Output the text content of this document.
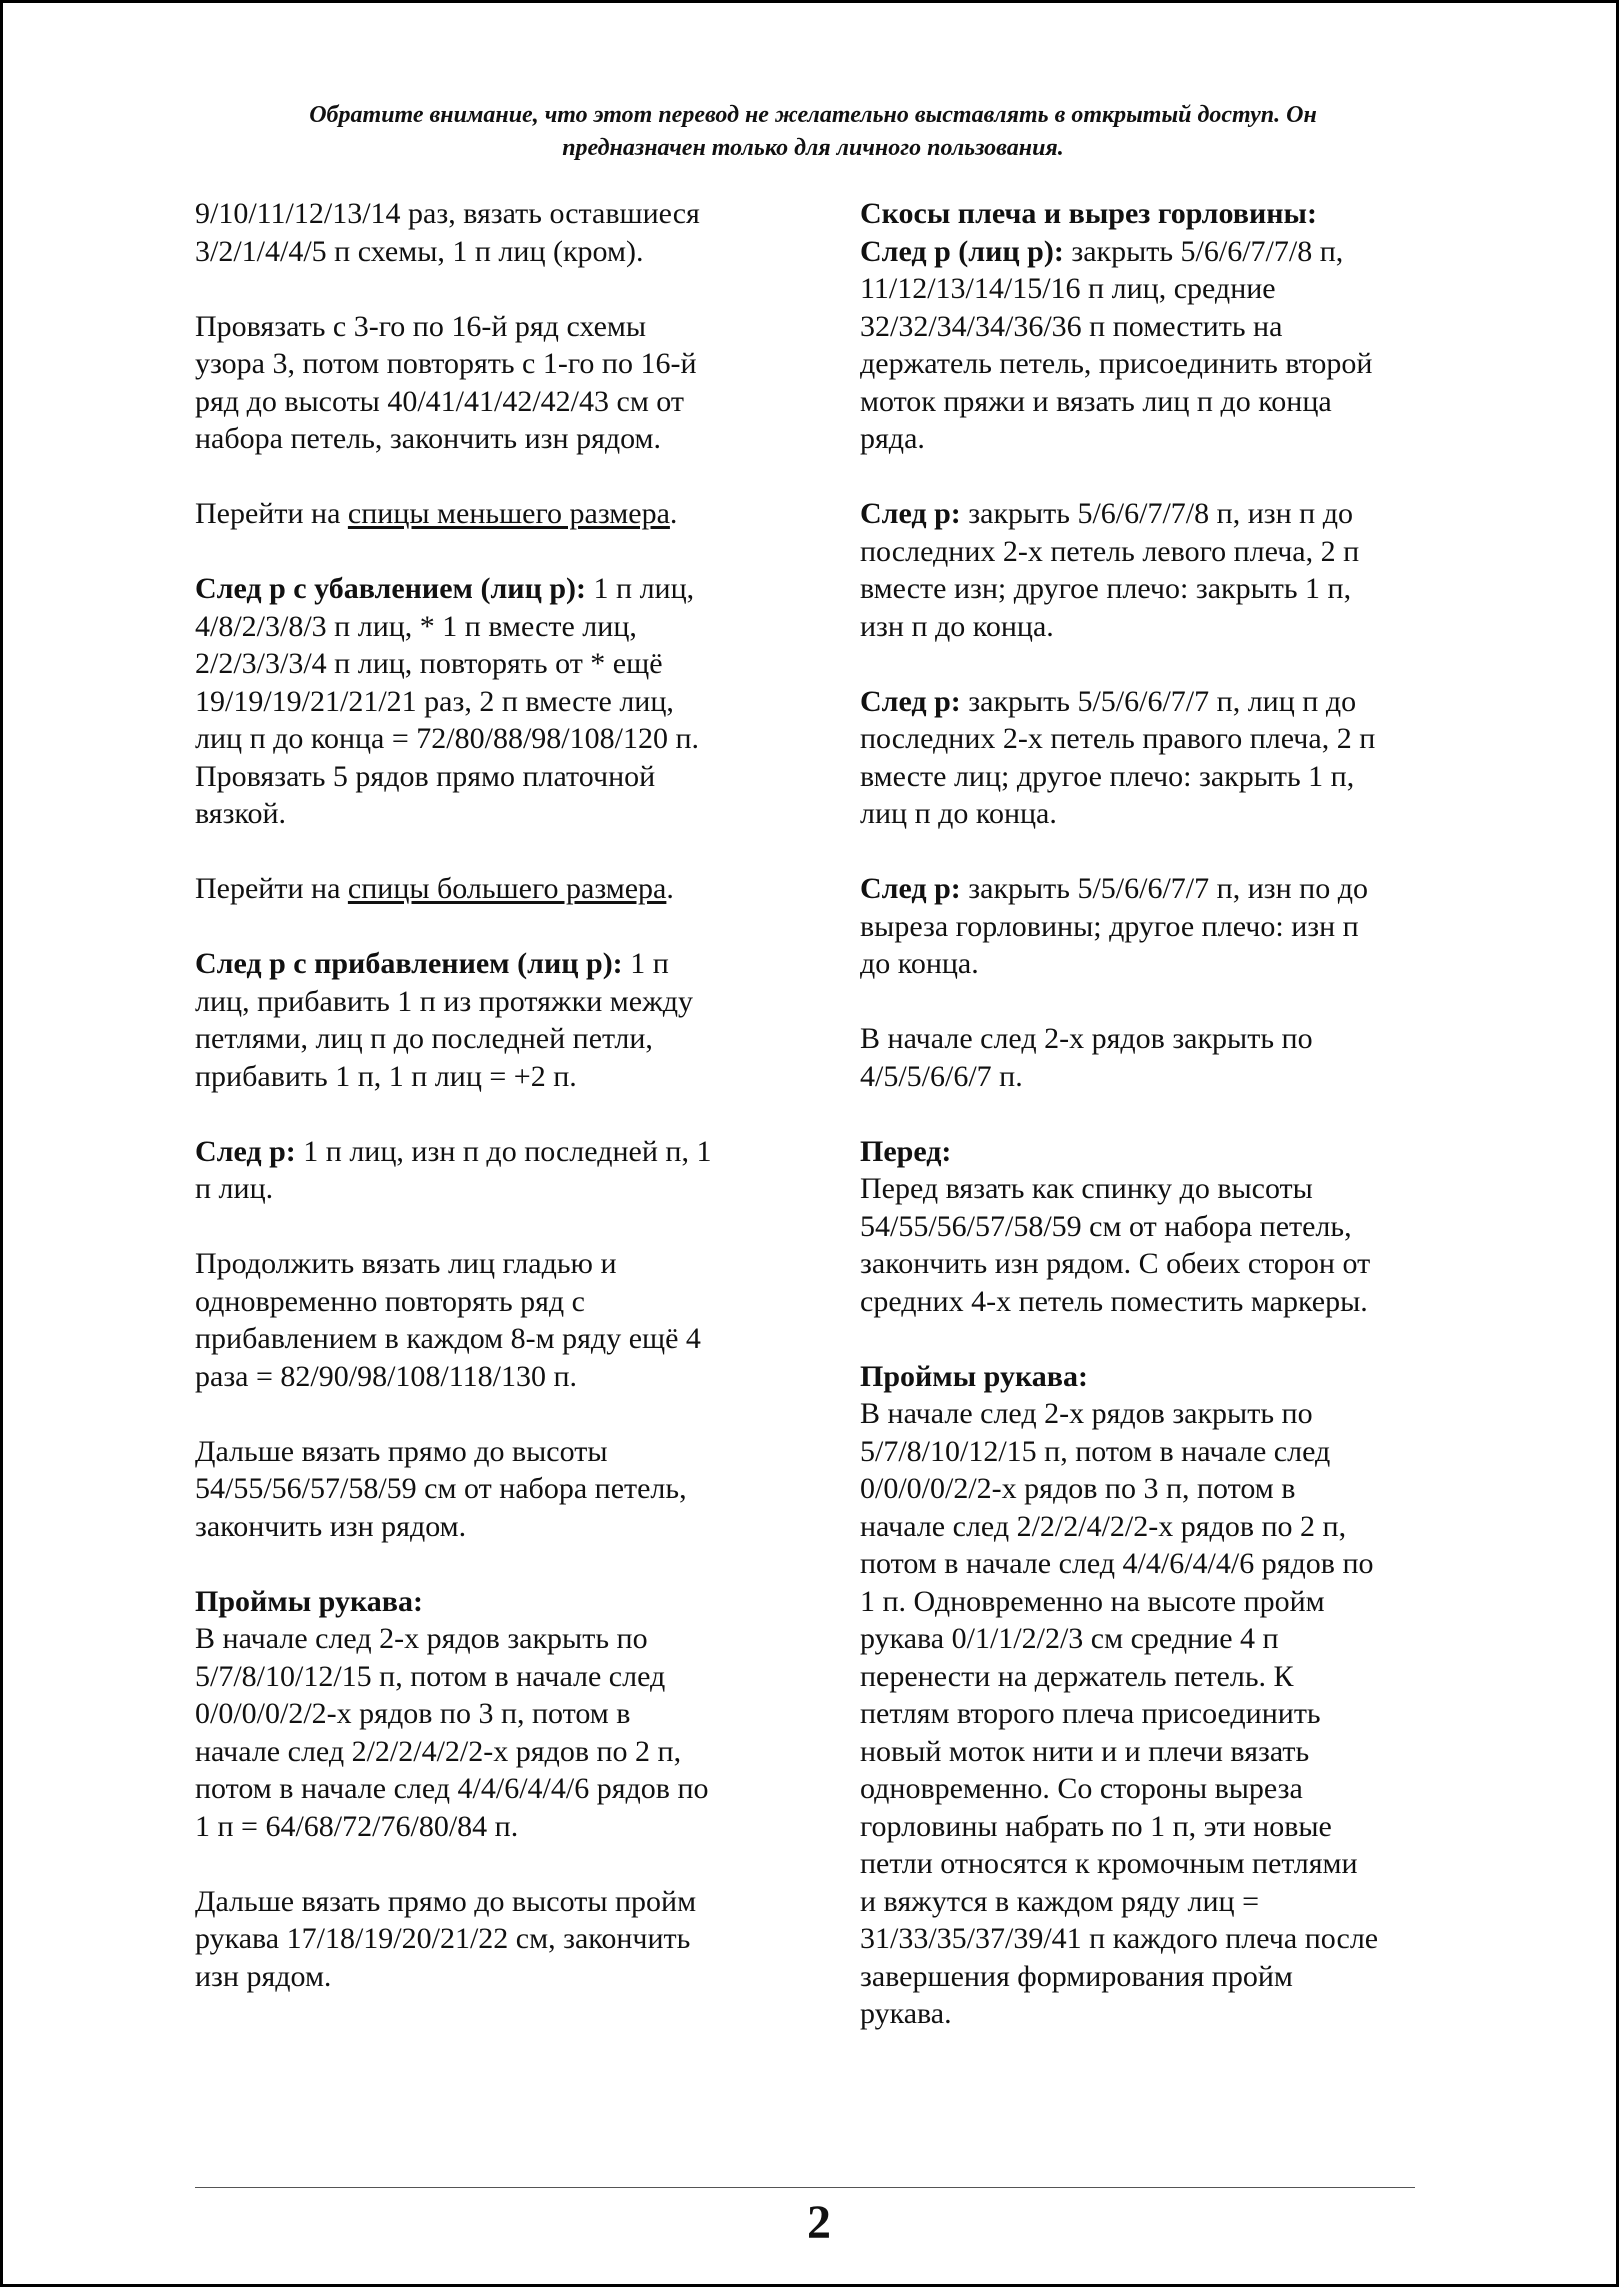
Обратите внимание, что этот перевод не желательно выставлять в открытый доступ. Он
предназначен только для личного пользования.

9/10/11/12/13/14 раз, вязать оставшиеся
3/2/1/4/4/5 п схемы, 1 п лиц (кром).

Провязать с 3-го по 16-й ряд схемы
узора 3, потом повторять с 1-го по 16-й
ряд до высоты 40/41/41/42/42/43 см от
набора петель, закончить изн рядом.

Перейти на спицы меньшего размера.

След р с убавлением (лиц р): 1 п лиц,
4/8/2/3/8/3 п лиц, * 1 п вместе лиц,
2/2/3/3/3/4 п лиц, повторять от * ещё
19/19/19/21/21/21 раз, 2 п вместе лиц,
лиц п до конца = 72/80/88/98/108/120 п.
Провязать 5 рядов прямо платочной
вязкой.

Перейти на спицы большего размера.

След р с прибавлением (лиц р): 1 п
лиц, прибавить 1 п из протяжки между
петлями, лиц п до последней петли,
прибавить 1 п, 1 п лиц = +2 п.

След р: 1 п лиц, изн п до последней п, 1
п лиц.

Продолжить вязать лиц гладью и
одновременно повторять ряд с
прибавлением в каждом 8-м ряду ещё 4
раза = 82/90/98/108/118/130 п.

Дальше вязать прямо до высоты
54/55/56/57/58/59 см от набора петель,
закончить изн рядом.

Проймы рукава:
В начале след 2-х рядов закрыть по
5/7/8/10/12/15 п, потом в начале след
0/0/0/0/2/2-х рядов по 3 п, потом в
начале след 2/2/2/4/2/2-х рядов по 2 п,
потом в начале след 4/4/6/4/4/6 рядов по
1 п = 64/68/72/76/80/84 п.

Дальше вязать прямо до высоты пройм
рукава 17/18/19/20/21/22 см, закончить
изн рядом.

Скосы плеча и вырез горловины:
След р (лиц р): закрыть 5/6/6/7/7/8 п,
11/12/13/14/15/16 п лиц, средние
32/32/34/34/36/36 п поместить на
держатель петель, присоединить второй
моток пряжи и вязать лиц п до конца
ряда.

След р: закрыть 5/6/6/7/7/8 п, изн п до
последних 2-х петель левого плеча, 2 п
вместе изн; другое плечо: закрыть 1 п,
изн п до конца.

След р: закрыть 5/5/6/6/7/7 п, лиц п до
последних 2-х петель правого плеча, 2 п
вместе лиц; другое плечо: закрыть 1 п,
лиц п до конца.

След р: закрыть 5/5/6/6/7/7 п, изн по до
выреза горловины; другое плечо: изн п
до конца.

В начале след 2-х рядов закрыть по
4/5/5/6/6/7 п.

Перед:
Перед вязать как спинку до высоты
54/55/56/57/58/59 см от набора петель,
закончить изн рядом. С обеих сторон от
средних 4-х петель поместить маркеры.

Проймы рукава:
В начале след 2-х рядов закрыть по
5/7/8/10/12/15 п, потом в начале след
0/0/0/0/2/2-х рядов по 3 п, потом в
начале след 2/2/2/4/2/2-х рядов по 2 п,
потом в начале след 4/4/6/4/4/6 рядов по
1 п. Одновременно на высоте пройм
рукава 0/1/1/2/2/3 см средние 4 п
перенести на держатель петель. К
петлям второго плеча присоединить
новый моток нити и и плечи вязать
одновременно. Со стороны выреза
горловины набрать по 1 п, эти новые
петли относятся к кромочным петлями
и вяжутся в каждом ряду лиц =
31/33/35/37/39/41 п каждого плеча после
завершения формирования пройм
рукава.

2
